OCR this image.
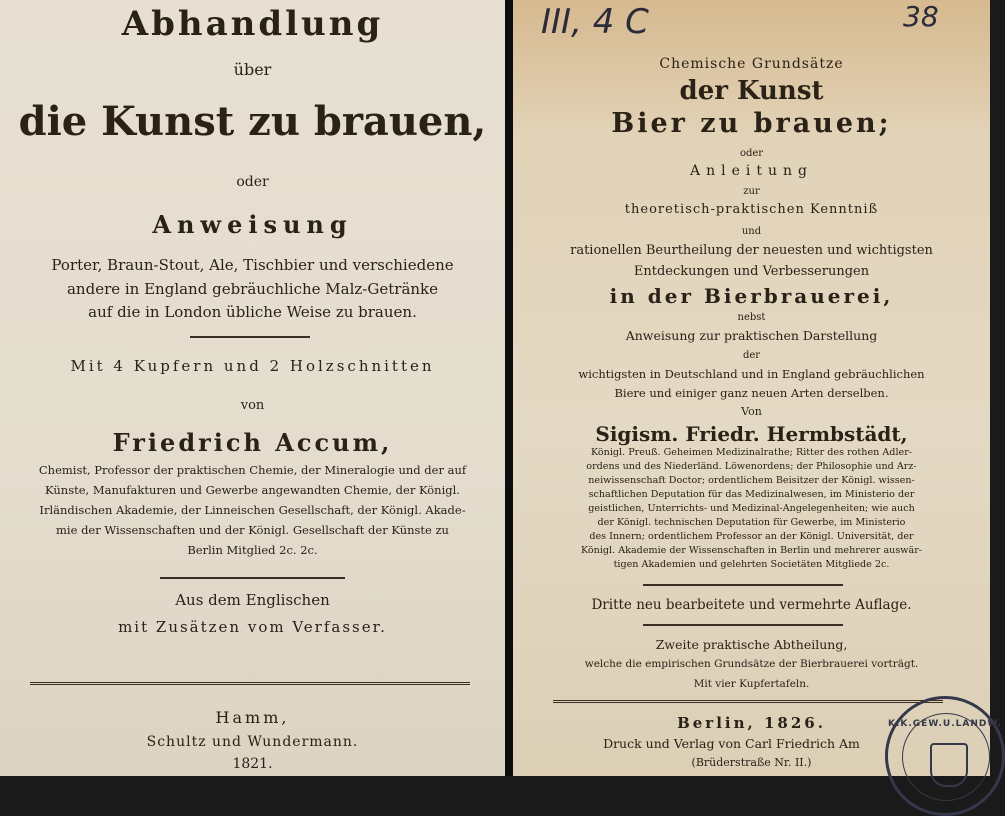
Abhandlung
über
die Kunst zu brauen,
oder
Anweisung
Porter, Braun-Stout, Ale, Tischbier und verschiedene
andere in England gebräuchliche Malz-Getränke
auf die in London übliche Weise zu brauen.
Mit 4 Kupfern und 2 Holzschnitten
von
Friedrich Accum,
Chemist, Professor der praktischen Chemie, der Mineralogie und der auf
Künste, Manufakturen und Gewerbe angewandten Chemie, der Königl.
Irländischen Akademie, der Linneischen Gesellschaft, der Königl. Akade-
mie der Wissenschaften und der Königl. Gesellschaft der Künste zu
Berlin Mitglied 2c. 2c.
Aus dem Englischen
mit Zusätzen vom Verfasser.
Hamm,
Schultz und Wundermann.
1821.
III, 4 C	38
Chemische Grundsätze
der Kunst
Bier zu brauen;
oder
Anleitung
zur
theoretisch-praktischen Kenntniß
und
rationellen Beurtheilung der neuesten und wichtigsten
Entdeckungen und Verbesserungen
in der Bierbrauerei,
nebst
Anweisung zur praktischen Darstellung
der
wichtigsten in Deutschland und in England gebräuchlichen
Biere und einiger ganz neuen Arten derselben.
Von
Sigism. Friedr. Hermbstädt,
Königl. Preuß. Geheimen Medizinalrathe; Ritter des rothen Adler-
ordens und des Niederländ. Löwenordens; der Philosophie und Arz-
neiwissenschaft Doctor; ordentlichem Beisitzer der Königl. wissen-
schaftlichen Deputation für das Medizinalwesen, im Ministerio der
geistlichen, Unterrichts- und Medizinal-Angelegenheiten; wie auch
der Königl. technischen Deputation für Gewerbe, im Ministerio
des Innern; ordentlichem Professor an der Königl. Universität, der
Königl. Akademie der Wissenschaften in Berlin und mehrerer auswär-
tigen Akademien und gelehrten Societäten Mitgliede 2c.
Dritte neu bearbeitete und vermehrte Auflage.
Zweite praktische Abtheilung,
welche die empirischen Grundsätze der Bierbrauerei vorträgt.
Mit vier Kupfertafeln.
Berlin, 1826.
Druck und Verlag von Carl Friedrich Am
(Brüderstraße Nr. II.)
K.K.GEW.U.LANDW.
